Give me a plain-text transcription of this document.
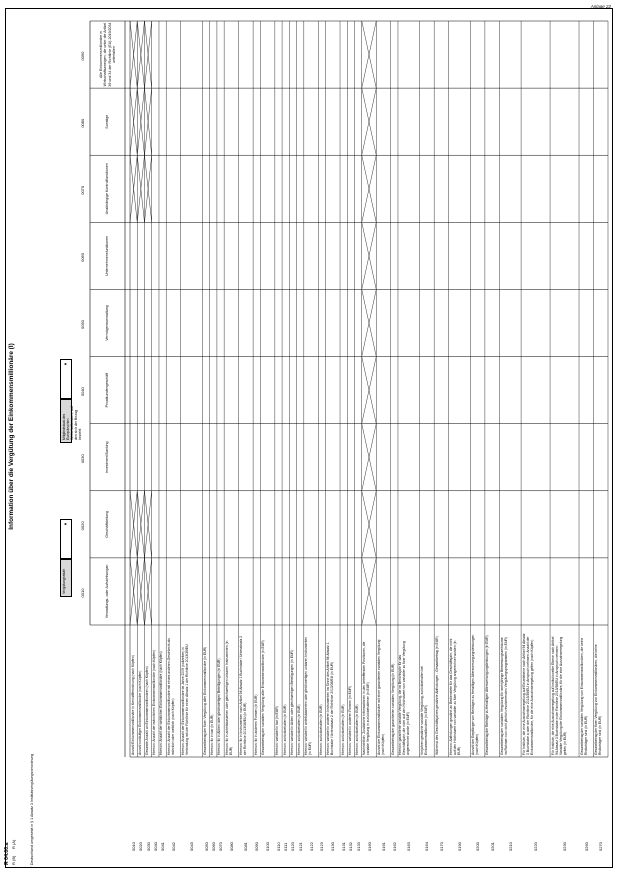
Anlage 22
¹ⁱ Deutschland umgesetzt in § 1 Absatz 3 Institutsvergütungsverordnung
R 04.00.a R (B)
R (A)
Information über die Vergütung der Einkommensmillionäre (I)
Vergütungsstufe
▼
Mitgliedstaat des Europäischen Wirtschaftsraums, auf den sich der Bezug bezieht
▼
0010
0020
0030
0040
0050
0060
0070
0080
0090
Verwaltungs- oder Aufsichtsorgan
Geschäftsleitung
Investment Banking
Privatkundengeschäft
Vermögensverwaltung
Unternehmensfunktionen
Unabhängige Kontrollfunktionen
Sonstige
Alle Einkommensmillionäre in Wirtschaftszweigen, die unter die Artikel 39 und 34 der Richtlinie (EU) 2019/2034 unterfallen
0010
Anzahl Einkommensmillionäre in Kennzifferordnung (nach Köpfen)
0020
Anzahl vorläufiger Einkommensmillionäre (nach Köpfen)
0030
Gesamte Anzahl an Einkommensmillionären (nach Köpfen)
0040
Hiervon: Anzahl der männlichen Einkommensmillionäre (nach Köpfen)
0041
Hiervon: Anzahl der weiblichen Einkommensmillionäre (nach Köpfen)
0042
Hiervon: Anzahl der Einkommensmillionäre mit einem anderen Geschlecht als männlich oder weiblich (nach Köpfen)
0043
Hiervon: Anzahl der Einkommensmillionäre im Jahre 2009 (vollzeiten) in Verbindung mit der Richtlinie für einen Absatz 1 der Richtlinie 2013/36/EU
0050
Gesamtbetrag der fixen Vergütung aller Einkommensmillionäre (in EUR)
0060
Hiervon: fix in bar (in EUR)
0070
Hiervon: fix in Aktien oder gleichwertigen Beteiligungen (in EUR)
0080
Hiervon: fix in anteilsbasierten oder gleichwertigen unbaren Instrumenten (in EUR)
0081
Hiervon: fix in Instrumenten nach Artikel 94 Absatz 1 Buchstabe l Unterabsatz 2 der Richtlinie 2013/36/EU (in EUR)
0090
Hiervon: fix in anderen Formen (in EUR)
0100
Gesamtbetrag der variablen Vergütung aller Einkommensmillionäre (in EUR)
0110
Hiervon: variabel in bar (in EUR)
0111
Hiervon: zurückbehalten (in EUR)
0120
Hiervon: variabel in Aktien oder gleichwertigen Beteiligungen (in EUR)
0121
Hiervon: zurückbehalten (in EUR)
0122
Hiervon: variabel in anteilsbasierten oder gleichwertigen unbaren Instrumenten (in EUR)
0123
Hiervon: zurückbehalten (in EUR)
0130
Hiervon: variabel in anderen Instrumenten im Sinne des Artikel 94 Absatz 1 Buchstabe l Unterabsatz 2 der Richtlinie 2013/36/EU (in EUR)
0131
Hiervon: zurückbehalten (in EUR)
0132
Hiervon: variabel in anderen Formen (in EUR)
0133
Hiervon: zurückbehalten (in EUR)
0160
Nachrichtlich: Zusätzliche Informationen in den betreffenden Positionen, die variable Vergütung in zurückbehaltener (in EUR)
0161
Anzahl der Einkommensmillionäre mit einer garantierten variablen Vergütung (nach Köpfen)
0162
Gesamtbetrag der garantierten variablen Vergütung (in EUR)
0163
Hiervon: garantierte variable Vergütung, die im Berichtsjahr für das Geschäftsjahr, die nicht auf den Höchstwert von variabler zu fixer Vergütung angerechnet wurde (in EUR)
0164
Vorjahren gewährte variable Vergütung, zurückbehalten bei Einkommensmillionären (in EUR)
0170
Während des Geschäftsjahres gewährte Abfindungen - Gesamtbetrag (in EUR)
0190
Hiervon: Abfindungen gewährt an Bedienstete für das Geschäftsjahr, die nicht auf den Höchstwert von variabler zu fixer Vergütung angerechnet wurden (in EUR)
0200
Anzahl der Empfänger von Beiträgen zu freiwilligen Altersversorgungsleistungen (nach Köpfen)
0201
Gesamtbetrag der Beiträge zu freiwilligen Altersversorgungsleistungen (in EUR)
0210
Gesamtbetrag der variablen Vergütung für mehrjährige Bemessungszeiträume im Rahmen von nicht jährlich revolvierenden Vergütungsprogrammen (in EUR)
0220
Für Institute, die eine Ausnahmeregelung auf Einzelebene nach Artikel 94 Absatz 3 Buchstabe a oder der Richtlinie 2013/36/EU in Anspruch nehmen: Anzahl der Einkommensmillionäre, für die eine Ausnahmeregelung gelten (nach Köpfen)
0230
Für Institute, die eine Ausnahmeregelung auf institutioneller Ebene nach Artikel 94 Absatz 3 Buchstabe b der Richtlinie 2013/36/EU in Anspruch nehmen: Variable Vergütung der Einkommensmillionäre, für die eine Ausnahmeregelung gelten (in EUR)
0260
Gesamtbetrag der variablen Vergütung von Einkommensmillionären, die keine Risikoträger sind (in EUR)
0270
Gesamtbetrag der fixen Vergütung von Einkommensmillionären, die keine Risikoträger sind (in EUR)
